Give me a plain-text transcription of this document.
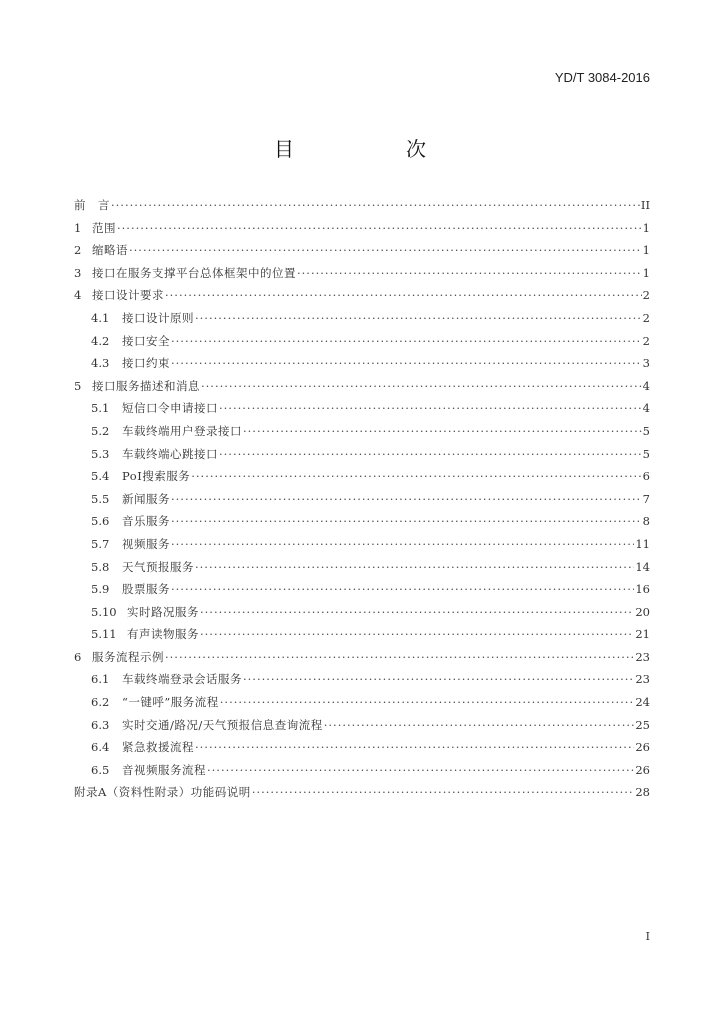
YD/T 3084-2016
目　　次
前　言 ·····	II
1 范围 ·····	1
2 缩略语 ·····	1
3 接口在服务支撑平台总体框架中的位置 ·····	1
4 接口设计要求 ·····	2
4.1	接口设计原则 ·····	2
4.2	接口安全 ·····	2
4.3	接口约束 ·····	3
5 接口服务描述和消息 ·····	4
5.1	短信口令申请接口 ·····	4
5.2	车载终端用户登录接口 ·····	5
5.3	车载终端心跳接口 ·····	5
5.4	PoI搜索服务 ·····	6
5.5	新闻服务 ·····	7
5.6	音乐服务 ·····	8
5.7	视频服务 ·····	11
5.8	天气预报服务 ·····	14
5.9	股票服务 ·····	16
5.10 实时路况服务 ·····	20
5.11 有声读物服务 ·····	21
6 服务流程示例 ·····	23
6.1	车载终端登录会话服务 ·····	23
6.2	“一键呼”服务流程 ·····	24
6.3	实时交通/路况/天气预报信息查询流程 ·····	25
6.4	紧急救援流程 ·····	26
6.5	音视频服务流程 ·····	26
附录A（资料性附录）功能码说明 ·····	28
I
